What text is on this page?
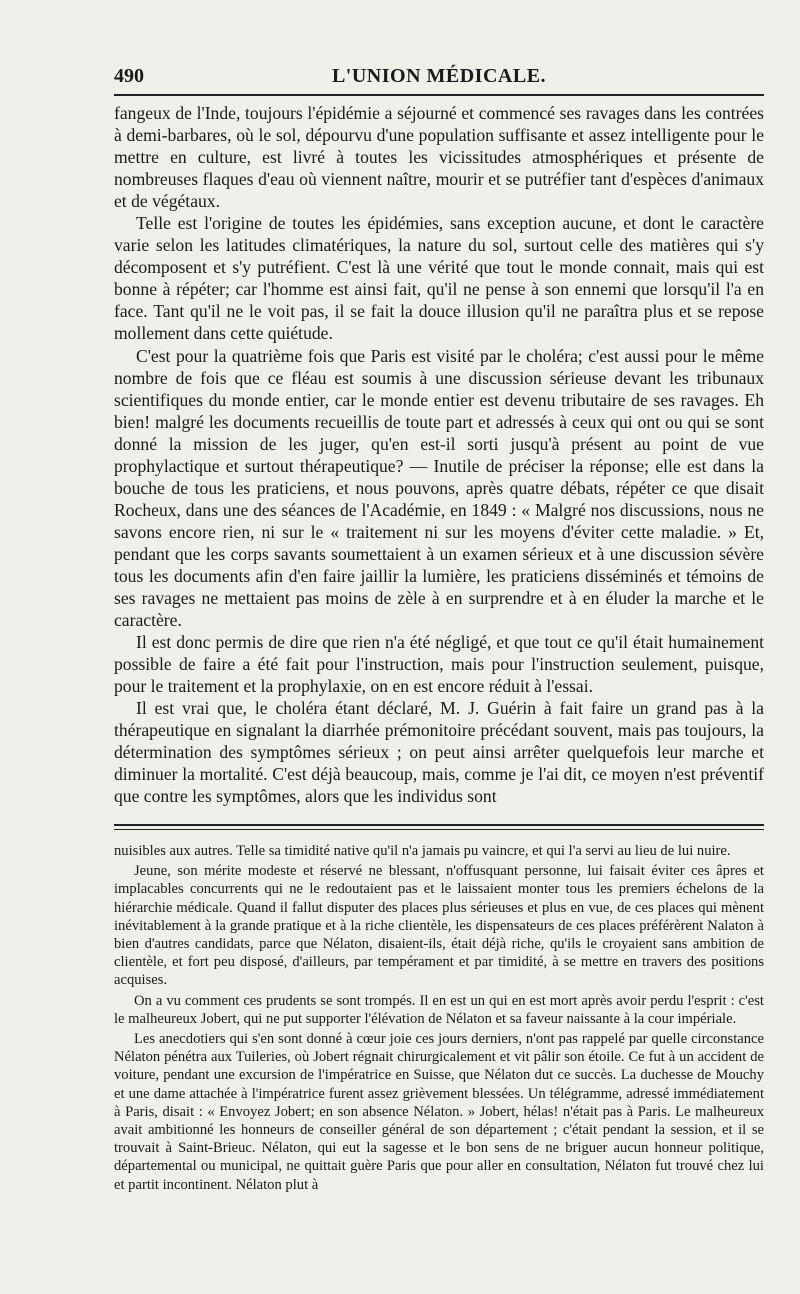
490	L'UNION MÉDICALE.

fangeux de l'Inde, toujours l'épidémie a séjourné et commencé ses ravages dans les contrées à demi-barbares, où le sol, dépourvu d'une population suffisante et assez intelligente pour le mettre en culture, est livré à toutes les vicissitudes atmosphériques et présente de nombreuses flaques d'eau où viennent naître, mourir et se putréfier tant d'espèces d'animaux et de végétaux.

Telle est l'origine de toutes les épidémies, sans exception aucune, et dont le caractère varie selon les latitudes climatériques, la nature du sol, surtout celle des matières qui s'y décomposent et s'y putréfient. C'est là une vérité que tout le monde connait, mais qui est bonne à répéter; car l'homme est ainsi fait, qu'il ne pense à son ennemi que lorsqu'il l'a en face. Tant qu'il ne le voit pas, il se fait la douce illusion qu'il ne paraîtra plus et se repose mollement dans cette quiétude.

C'est pour la quatrième fois que Paris est visité par le choléra; c'est aussi pour le même nombre de fois que ce fléau est soumis à une discussion sérieuse devant les tribunaux scientifiques du monde entier, car le monde entier est devenu tributaire de ses ravages. Eh bien! malgré les documents recueillis de toute part et adressés à ceux qui ont ou qui se sont donné la mission de les juger, qu'en est-il sorti jusqu'à présent au point de vue prophylactique et surtout thérapeutique? — Inutile de préciser la réponse; elle est dans la bouche de tous les praticiens, et nous pouvons, après quatre débats, répéter ce que disait Rocheux, dans une des séances de l'Académie, en 1849 : « Malgré nos discussions, nous ne savons encore rien, ni sur le « traitement ni sur les moyens d'éviter cette maladie. » Et, pendant que les corps savants soumettaient à un examen sérieux et à une discussion sévère tous les documents afin d'en faire jaillir la lumière, les praticiens disséminés et témoins de ses ravages ne mettaient pas moins de zèle à en surprendre et à en éluder la marche et le caractère.

Il est donc permis de dire que rien n'a été négligé, et que tout ce qu'il était humainement possible de faire a été fait pour l'instruction, mais pour l'instruction seulement, puisque, pour le traitement et la prophylaxie, on en est encore réduit à l'essai.

Il est vrai que, le choléra étant déclaré, M. J. Guérin à fait faire un grand pas à la thérapeutique en signalant la diarrhée prémonitoire précédant souvent, mais pas toujours, la détermination des symptômes sérieux ; on peut ainsi arrêter quelquefois leur marche et diminuer la mortalité. C'est déjà beaucoup, mais, comme je l'ai dit, ce moyen n'est préventif que contre les symptômes, alors que les individus sont

nuisibles aux autres. Telle sa timidité native qu'il n'a jamais pu vaincre, et qui l'a servi au lieu de lui nuire.

Jeune, son mérite modeste et réservé ne blessant, n'offusquant personne, lui faisait éviter ces âpres et implacables concurrents qui ne le redoutaient pas et le laissaient monter tous les premiers échelons de la hiérarchie médicale. Quand il fallut disputer des places plus sérieuses et plus en vue, de ces places qui mènent inévitablement à la grande pratique et à la riche clientèle, les dispensateurs de ces places préférèrent Nalaton à bien d'autres candidats, parce que Nélaton, disaient-ils, était déjà riche, qu'ils le croyaient sans ambition de clientèle, et fort peu disposé, d'ailleurs, par tempérament et par timidité, à se mettre en travers des positions acquises.

On a vu comment ces prudents se sont trompés. Il en est un qui en est mort après avoir perdu l'esprit : c'est le malheureux Jobert, qui ne put supporter l'élévation de Nélaton et sa faveur naissante à la cour impériale.

Les anecdotiers qui s'en sont donné à cœur joie ces jours derniers, n'ont pas rappelé par quelle circonstance Nélaton pénétra aux Tuileries, où Jobert régnait chirurgicalement et vit pâlir son étoile. Ce fut à un accident de voiture, pendant une excursion de l'impératrice en Suisse, que Nélaton dut ce succès. La duchesse de Mouchy et une dame attachée à l'impératrice furent assez grièvement blessées. Un télégramme, adressé immédiatement à Paris, disait : « Envoyez Jobert; en son absence Nélaton. » Jobert, hélas! n'était pas à Paris. Le malheureux avait ambitionné les honneurs de conseiller général de son département ; c'était pendant la session, et il se trouvait à Saint-Brieuc. Nélaton, qui eut la sagesse et le bon sens de ne briguer aucun honneur politique, départemental ou municipal, ne quittait guère Paris que pour aller en consultation, Nélaton fut trouvé chez lui et partit incontinent. Nélaton plut à
